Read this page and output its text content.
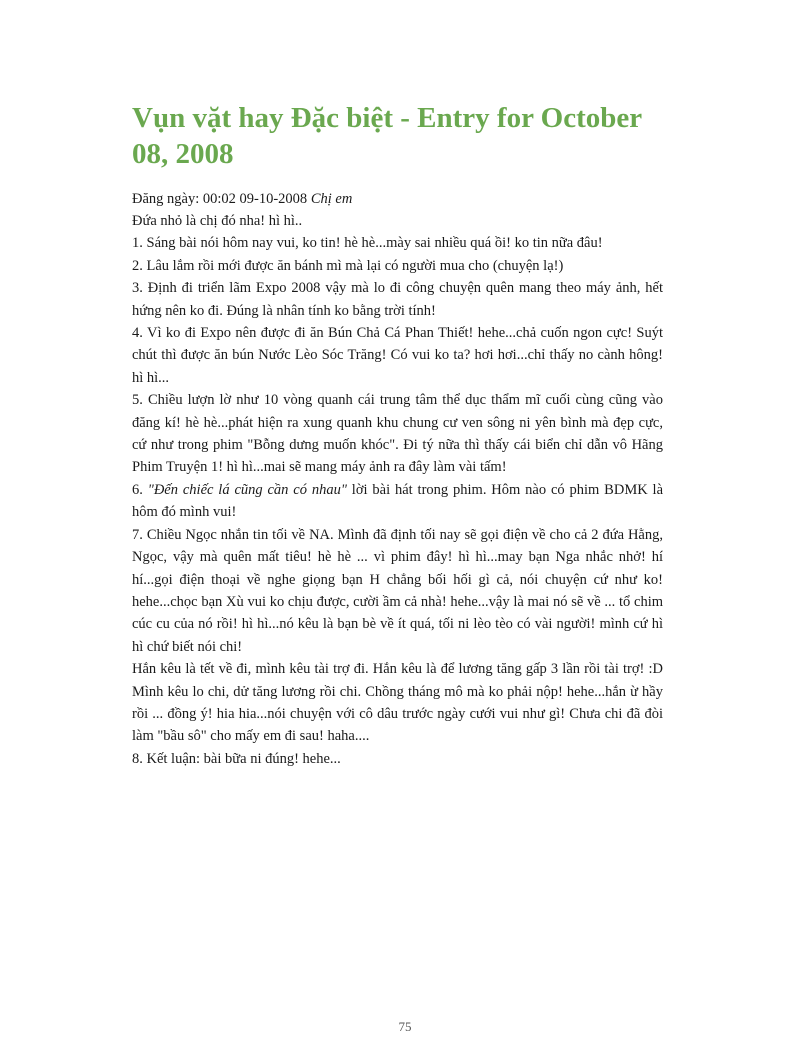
Vụn vặt hay Đặc biệt - Entry for October 08, 2008

Đăng ngày: 00:02 09-10-2008 Chị em

Đứa nhỏ là chị đó nha! hì hì..

1. Sáng bài nói hôm nay vui, ko tin! hè hè...mày sai nhiều quá ồi! ko tin nữa đâu!

2. Lâu lắm rồi mới được ăn bánh mì mà lại có người mua cho (chuyện lạ!)

3. Định đi triển lãm Expo 2008 vậy mà lo đi công chuyện quên mang theo máy ảnh, hết hứng nên ko đi. Đúng là nhân tính ko bằng trời tính!

4. Vì ko đi Expo nên được đi ăn Bún Chả Cá Phan Thiết! hehe...chả cuốn ngon cực! Suýt chút thì được ăn bún Nước Lèo Sóc Trăng! Có vui ko ta? hơi hơi...chỉ thấy no cành hông! hì hì...

5. Chiều lượn lờ như 10 vòng quanh cái trung tâm thể dục thẩm mĩ cuối cùng cũng vào đăng kí! hè hè...phát hiện ra xung quanh khu chung cư ven sông ni yên bình mà đẹp cực, cứ như trong phim "Bỗng dưng muốn khóc". Đi tý nữa thì thấy cái biển chỉ dẫn vô Hãng Phim Truyện 1! hì hì...mai sẽ mang máy ảnh ra đây làm vài tấm!

6. "Đến chiếc lá cũng cần có nhau" lời bài hát trong phim. Hôm nào có phim BDMK là hôm đó mình vui!

7. Chiều Ngọc nhắn tin tối về NA. Mình đã định tối nay sẽ gọi điện về cho cả 2 đứa Hằng, Ngọc, vậy mà quên mất tiêu! hè hè ... vì phim đây! hì hì...may bạn Nga nhắc nhở! hí hí...gọi điện thoại về nghe giọng bạn H chẳng bối hối gì cả, nói chuyện cứ như ko! hehe...chọc bạn Xù vui ko chịu được, cười ầm cả nhà! hehe...vậy là mai nó sẽ về ... tổ chim cúc cu của nó rồi! hì hì...nó kêu là bạn bè về ít quá, tối ni lèo tèo có vài người! mình cứ hì hì chứ biết nói chi!

Hắn kêu là tết về đi, mình kêu tài trợ đi. Hắn kêu là để lương tăng gấp 3 lần rồi tài trợ! :D Mình kêu lo chi, dử tăng lương rồi chi. Chồng tháng mô mà ko phải nộp! hehe...hắn ừ hầy rồi ... đồng ý! hia hia...nói chuyện với cô dâu trước ngày cưới vui như gì! Chưa chi đã đòi làm "bầu sô" cho mấy em đi sau! haha....

8. Kết luận: bài bữa ni đúng! hehe...

75
